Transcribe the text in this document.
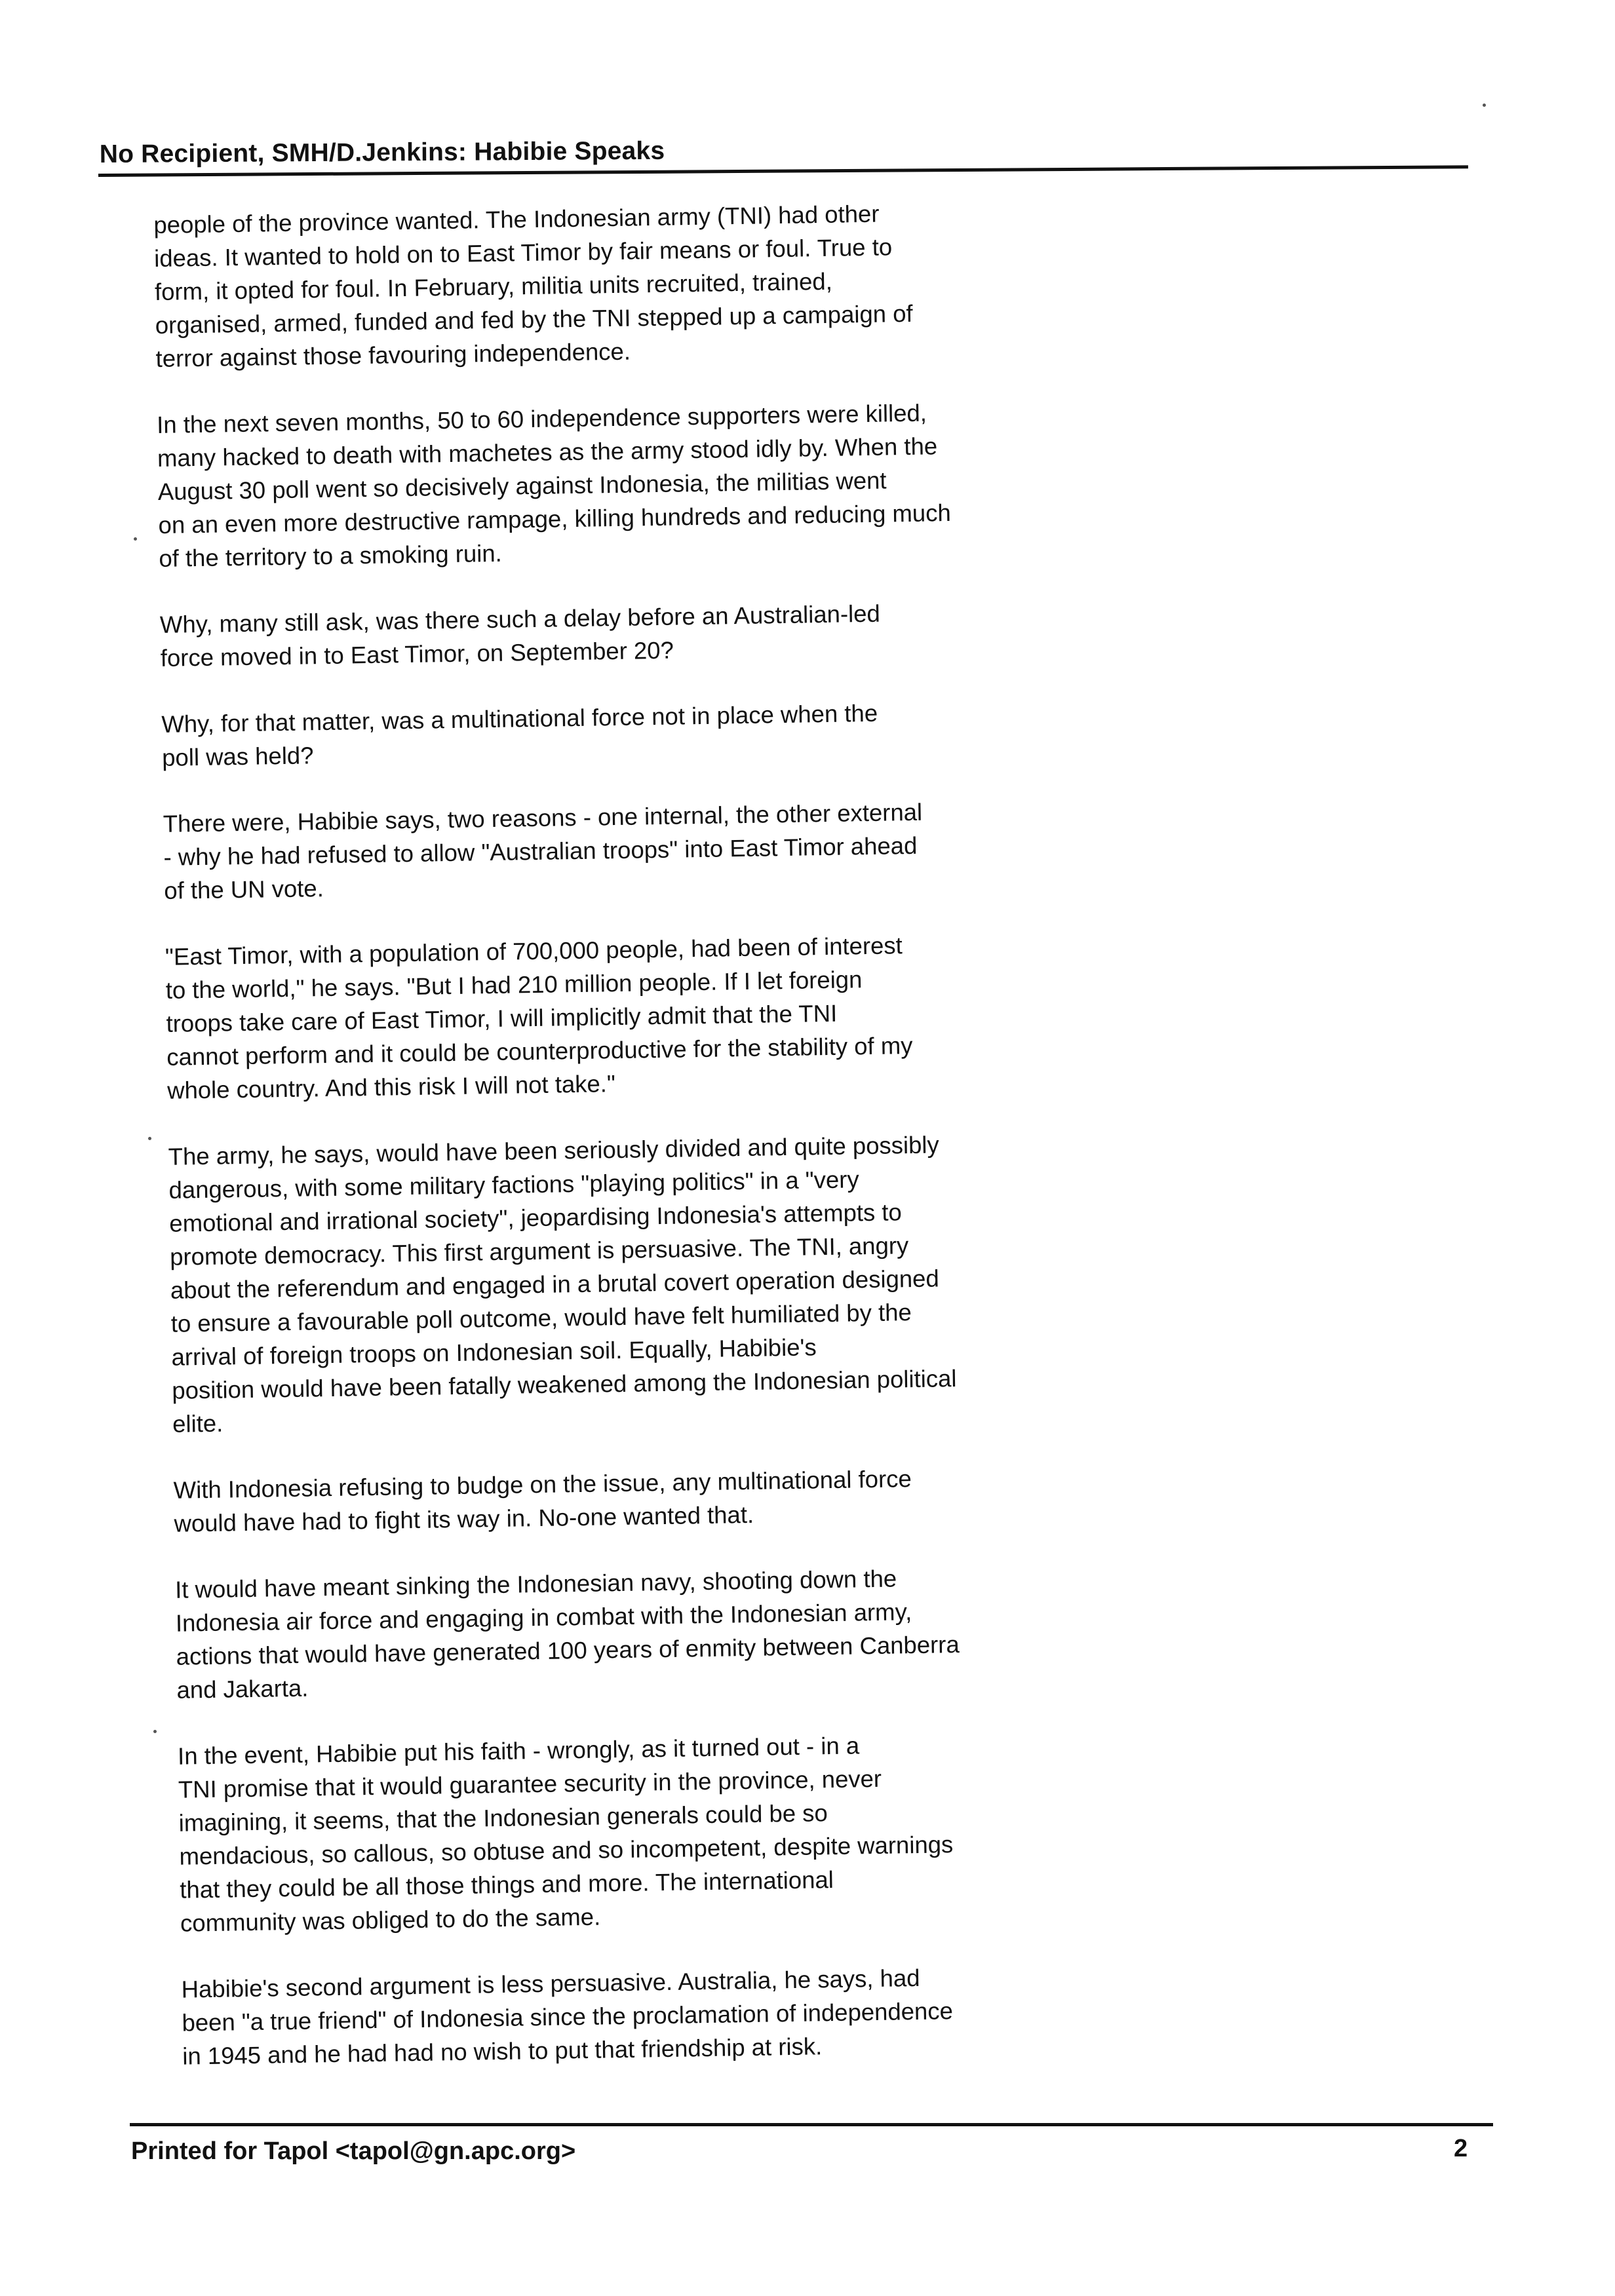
No Recipient, SMH/D.Jenkins: Habibie Speaks

people of the province wanted. The Indonesian army (TNI) had other
ideas. It wanted to hold on to East Timor by fair means or foul. True to
form, it opted for foul. In February, militia units recruited, trained,
organised, armed, funded and fed by the TNI stepped up a campaign of
terror against those favouring independence.

In the next seven months, 50 to 60 independence supporters were killed,
many hacked to death with machetes as the army stood idly by. When the
August 30 poll went so decisively against Indonesia, the militias went
on an even more destructive rampage, killing hundreds and reducing much
of the territory to a smoking ruin.

Why, many still ask, was there such a delay before an Australian-led
force moved in to East Timor, on September 20?

Why, for that matter, was a multinational force not in place when the
poll was held?

There were, Habibie says, two reasons - one internal, the other external
- why he had refused to allow "Australian troops" into East Timor ahead
of the UN vote.

"East Timor, with a population of 700,000 people, had been of interest
to the world," he says. "But I had 210 million people. If I let foreign
troops take care of East Timor, I will implicitly admit that the TNI
cannot perform and it could be counterproductive for the stability of my
whole country. And this risk I will not take."

The army, he says, would have been seriously divided and quite possibly
dangerous, with some military factions "playing politics" in a "very
emotional and irrational society", jeopardising Indonesia's attempts to
promote democracy. This first argument is persuasive. The TNI, angry
about the referendum and engaged in a brutal covert operation designed
to ensure a favourable poll outcome, would have felt humiliated by the
arrival of foreign troops on Indonesian soil. Equally, Habibie's
position would have been fatally weakened among the Indonesian political
elite.

With Indonesia refusing to budge on the issue, any multinational force
would have had to fight its way in. No-one wanted that.

It would have meant sinking the Indonesian navy, shooting down the
Indonesia air force and engaging in combat with the Indonesian army,
actions that would have generated 100 years of enmity between Canberra
and Jakarta.

In the event, Habibie put his faith - wrongly, as it turned out - in a
TNI promise that it would guarantee security in the province, never
imagining, it seems, that the Indonesian generals could be so
mendacious, so callous, so obtuse and so incompetent, despite warnings
that they could be all those things and more. The international
community was obliged to do the same.

Habibie's second argument is less persuasive. Australia, he says, had
been "a true friend" of Indonesia since the proclamation of independence
in 1945 and he had had no wish to put that friendship at risk.

Printed for Tapol <tapol@gn.apc.org>	2
